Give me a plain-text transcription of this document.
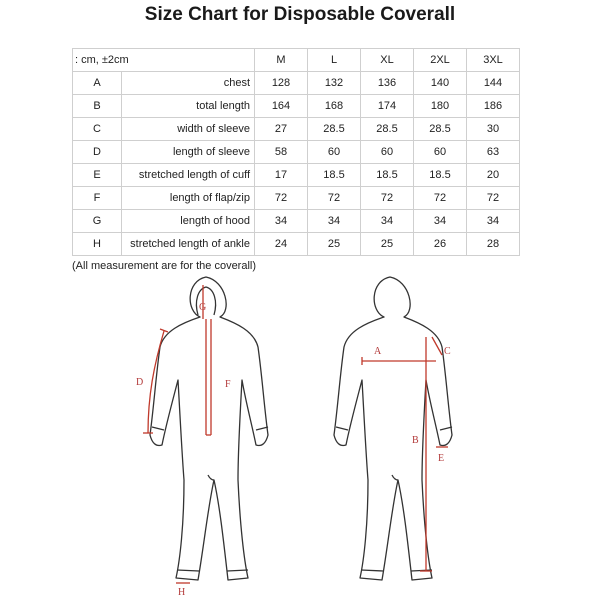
Size Chart for Disposable Coverall
: cm, ±2cm		M	L	XL	2XL	3XL
A	chest	128	132	136	140	144
B	total length	164	168	174	180	186
C	width of sleeve	27	28.5	28.5	28.5	30
D	length of sleeve	58	60	60	60	63
E	stretched length of cuff	17	18.5	18.5	18.5	20
F	length of flap/zip	72	72	72	72	72
G	length of hood	34	34	34	34	34
H	stretched length of ankle	24	25	25	26	28
(All measurement are for the coverall)
G
F
D
H
A	C
B
E
